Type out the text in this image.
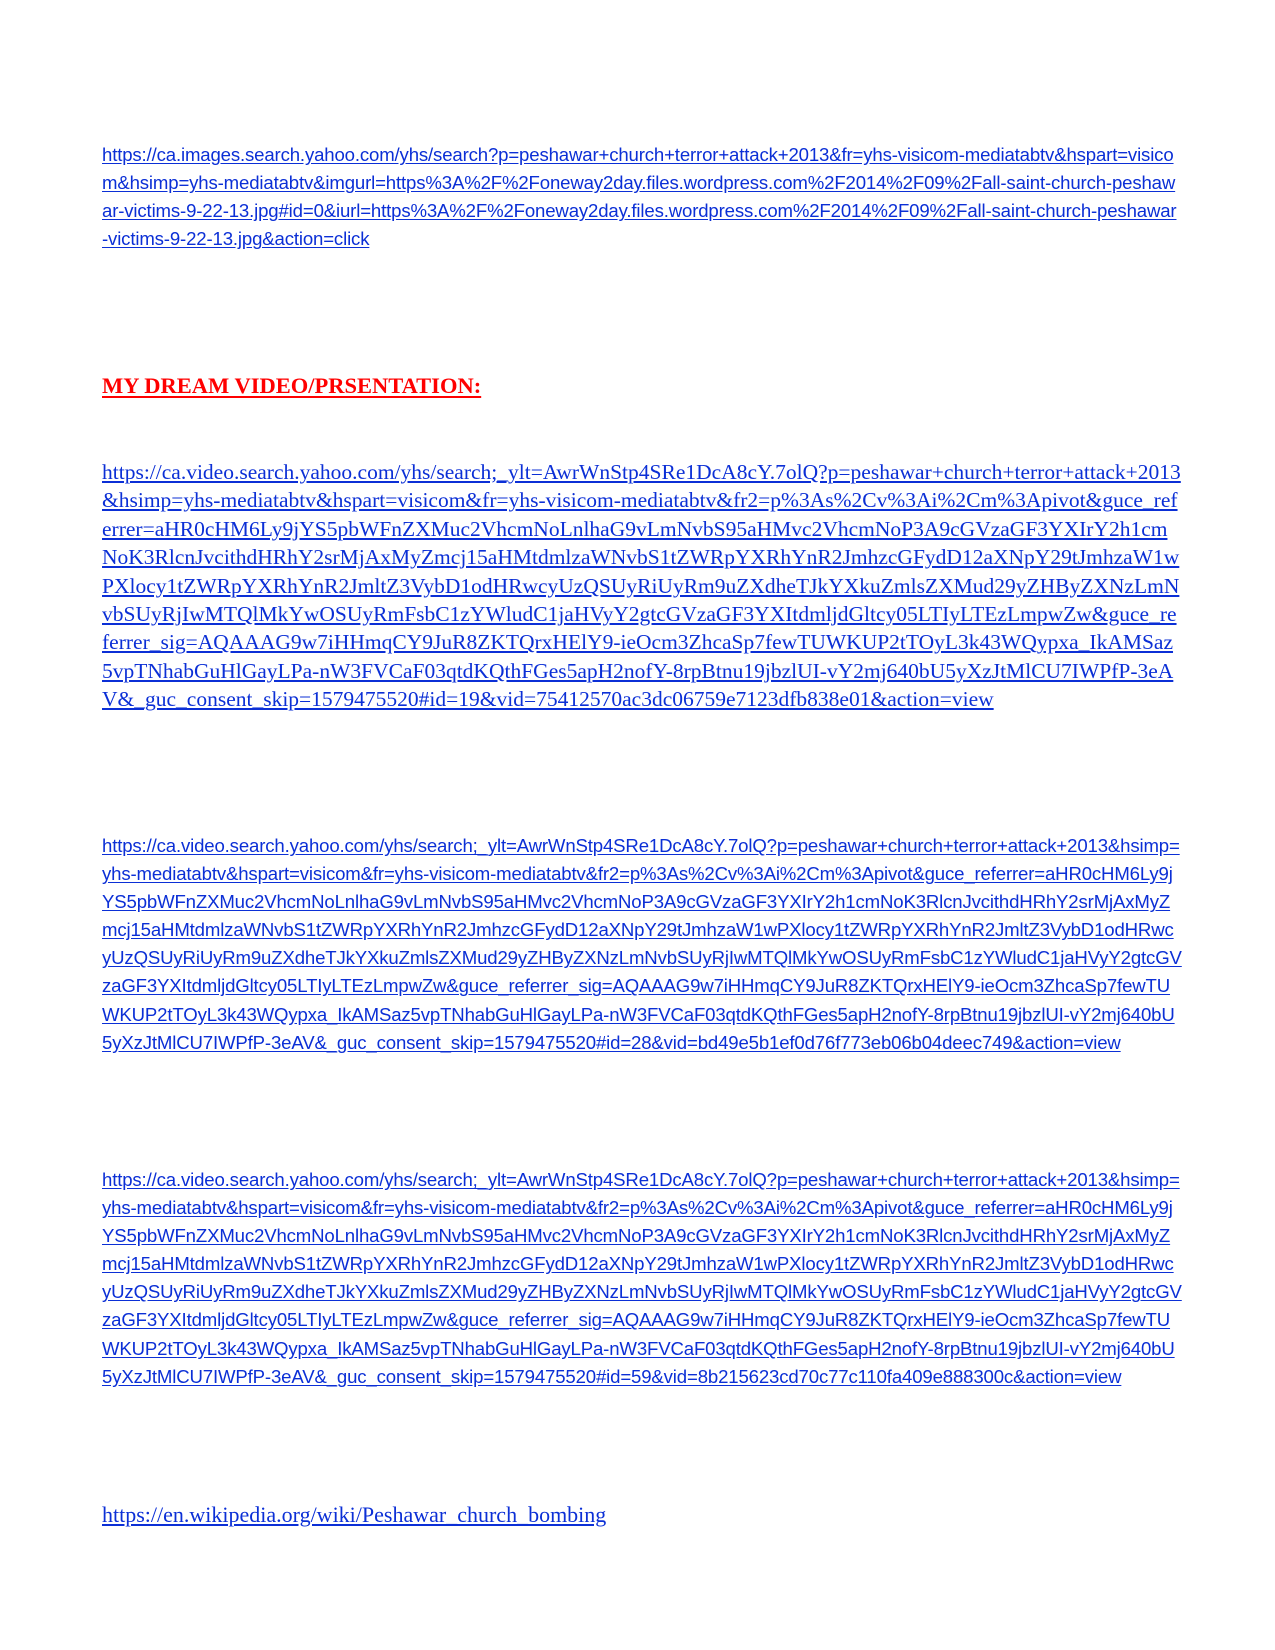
https://ca.images.search.yahoo.com/yhs/search?p=peshawar+church+terror+attack+2013&fr=yhs-visicom-mediatabtv&hspart=visicom&hsimp=yhs-mediatabtv&imgurl=https%3A%2F%2Foneway2day.files.wordpress.com%2F2014%2F09%2Fall-saint-church-peshawar-victims-9-22-13.jpg#id=0&iurl=https%3A%2F%2Foneway2day.files.wordpress.com%2F2014%2F09%2Fall-saint-church-peshawar-victims-9-22-13.jpg&action=click
MY DREAM VIDEO/PRSENTATION:
https://ca.video.search.yahoo.com/yhs/search;_ylt=AwrWnStp4SRe1DcA8cY.7olQ?p=peshawar+church+terror+attack+2013&hsimp=yhs-mediatabtv&hspart=visicom&fr=yhs-visicom-mediatabtv&fr2=p%3As%2Cv%3Ai%2Cm%3Apivot&guce_referrer=aHR0cHM6Ly9jYS5pbWFnZXMuc2VhcmNoLnlhaG9vLmNvbS95aHMvc2VhcmNoP3A9cGVzaGF3YXIrY2h1cmNoK3RlcnJvcithdHRhY2srMjAxMyZmcj15aHMtdmlzaWNvbS1tZWRpYXRhYnR2JmhzcGFydD12aXNpY29tJmhzaW1wPXlocy1tZWRpYXRhYnR2JmltZ3VybD1odHRwcyUzQSUyRiUyRm9uZXdheTJkYXkuZmlsZXMud29yZHByZXNzLmNvbSUyRjIwMTQlMkYwOSUyRmFsbC1zYWludC1jaHVyY2gtcGVzaGF3YXItdmljdGltcy05LTIyLTEzLmpwZw&guce_referrer_sig=AQAAAG9w7iHHmqCY9JuR8ZKTQrxHElY9-ieOcm3ZhcaSp7fewTUWKUP2tTOyL3k43WQypxa_IkAMSaz5vpTNhabGuHlGayLPa-nW3FVCaF03qtdKQthFGes5apH2nofY-8rpBtnu19jbzlUI-vY2mj640bU5yXzJtMlCU7IWPfP-3eAV&_guc_consent_skip=1579475520#id=19&vid=75412570ac3dc06759e7123dfb838e01&action=view
https://ca.video.search.yahoo.com/yhs/search;_ylt=AwrWnStp4SRe1DcA8cY.7olQ?p=peshawar+church+terror+attack+2013&hsimp=yhs-mediatabtv&hspart=visicom&fr=yhs-visicom-mediatabtv&fr2=p%3As%2Cv%3Ai%2Cm%3Apivot&guce_referrer=aHR0cHM6Ly9jYS5pbWFnZXMuc2VhcmNoLnlhaG9vLmNvbS95aHMvc2VhcmNoP3A9cGVzaGF3YXIrY2h1cmNoK3RlcnJvcithdHRhY2srMjAxMyZmcj15aHMtdmlzaWNvbS1tZWRpYXRhYnR2JmhzcGFydD12aXNpY29tJmhzaW1wPXlocy1tZWRpYXRhYnR2JmltZ3VybD1odHRwcyUzQSUyRiUyRm9uZXdheTJkYXkuZmlsZXMud29yZHByZXNzLmNvbSUyRjIwMTQlMkYwOSUyRmFsbC1zYWludC1jaHVyY2gtcGVzaGF3YXItdmljdGltcy05LTIyLTEzLmpwZw&guce_referrer_sig=AQAAAG9w7iHHmqCY9JuR8ZKTQrxHElY9-ieOcm3ZhcaSp7fewTUWKUP2tTOyL3k43WQypxa_IkAMSaz5vpTNhabGuHlGayLPa-nW3FVCaF03qtdKQthFGes5apH2nofY-8rpBtnu19jbzlUI-vY2mj640bU5yXzJtMlCU7IWPfP-3eAV&_guc_consent_skip=1579475520#id=28&vid=bd49e5b1ef0d76f773eb06b04deec749&action=view
https://ca.video.search.yahoo.com/yhs/search;_ylt=AwrWnStp4SRe1DcA8cY.7olQ?p=peshawar+church+terror+attack+2013&hsimp=yhs-mediatabtv&hspart=visicom&fr=yhs-visicom-mediatabtv&fr2=p%3As%2Cv%3Ai%2Cm%3Apivot&guce_referrer=aHR0cHM6Ly9jYS5pbWFnZXMuc2VhcmNoLnlhaG9vLmNvbS95aHMvc2VhcmNoP3A9cGVzaGF3YXIrY2h1cmNoK3RlcnJvcithdHRhY2srMjAxMyZmcj15aHMtdmlzaWNvbS1tZWRpYXRhYnR2JmhzcGFydD12aXNpY29tJmhzaW1wPXlocy1tZWRpYXRhYnR2JmltZ3VybD1odHRwcyUzQSUyRiUyRm9uZXdheTJkYXkuZmlsZXMud29yZHByZXNzLmNvbSUyRjIwMTQlMkYwOSUyRmFsbC1zYWludC1jaHVyY2gtcGVzaGF3YXItdmljdGltcy05LTIyLTEzLmpwZw&guce_referrer_sig=AQAAAG9w7iHHmqCY9JuR8ZKTQrxHElY9-ieOcm3ZhcaSp7fewTUWKUP2tTOyL3k43WQypxa_IkAMSaz5vpTNhabGuHlGayLPa-nW3FVCaF03qtdKQthFGes5apH2nofY-8rpBtnu19jbzlUI-vY2mj640bU5yXzJtMlCU7IWPfP-3eAV&_guc_consent_skip=1579475520#id=59&vid=8b215623cd70c77c110fa409e888300c&action=view
https://en.wikipedia.org/wiki/Peshawar_church_bombing
